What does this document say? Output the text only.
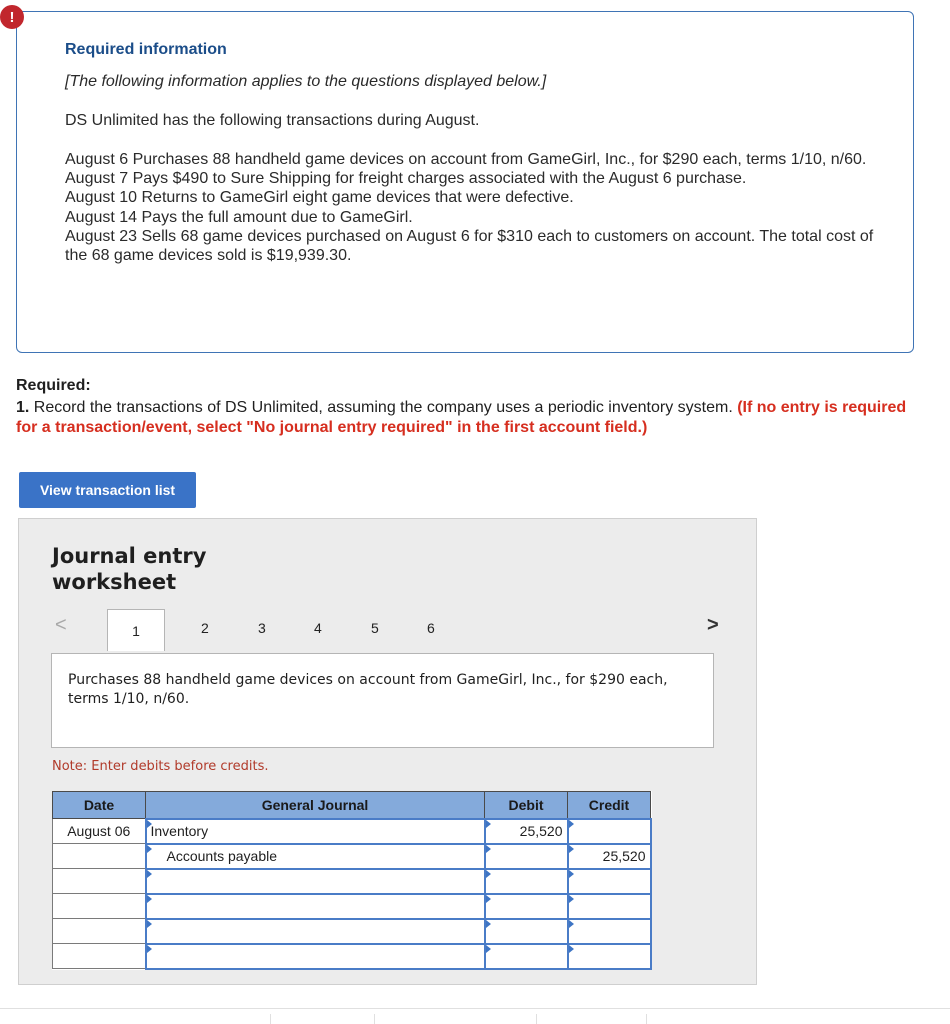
!
Required information
[The following information applies to the questions displayed below.]
DS Unlimited has the following transactions during August.
August 6 Purchases 88 handheld game devices on account from GameGirl, Inc., for $290 each, terms 1/10, n/60.
August 7 Pays $490 to Sure Shipping for freight charges associated with the August 6 purchase.
August 10 Returns to GameGirl eight game devices that were defective.
August 14 Pays the full amount due to GameGirl.
August 23 Sells 68 game devices purchased on August 6 for $310 each to customers on account. The total cost of the 68 game devices sold is $19,939.30.
Required:
1. Record the transactions of DS Unlimited, assuming the company uses a periodic inventory system. (If no entry is required for a transaction/event, select "No journal entry required" in the first account field.)
View transaction list
Journal entry
worksheet
<	1	2	3	4	5	6	>
Purchases 88 handheld game devices on account from GameGirl, Inc., for $290 each, terms 1/10, n/60.
Note: Enter debits before credits.
Date	General Journal	Debit	Credit
August 06	Inventory	25,520	
	Accounts payable		25,520
